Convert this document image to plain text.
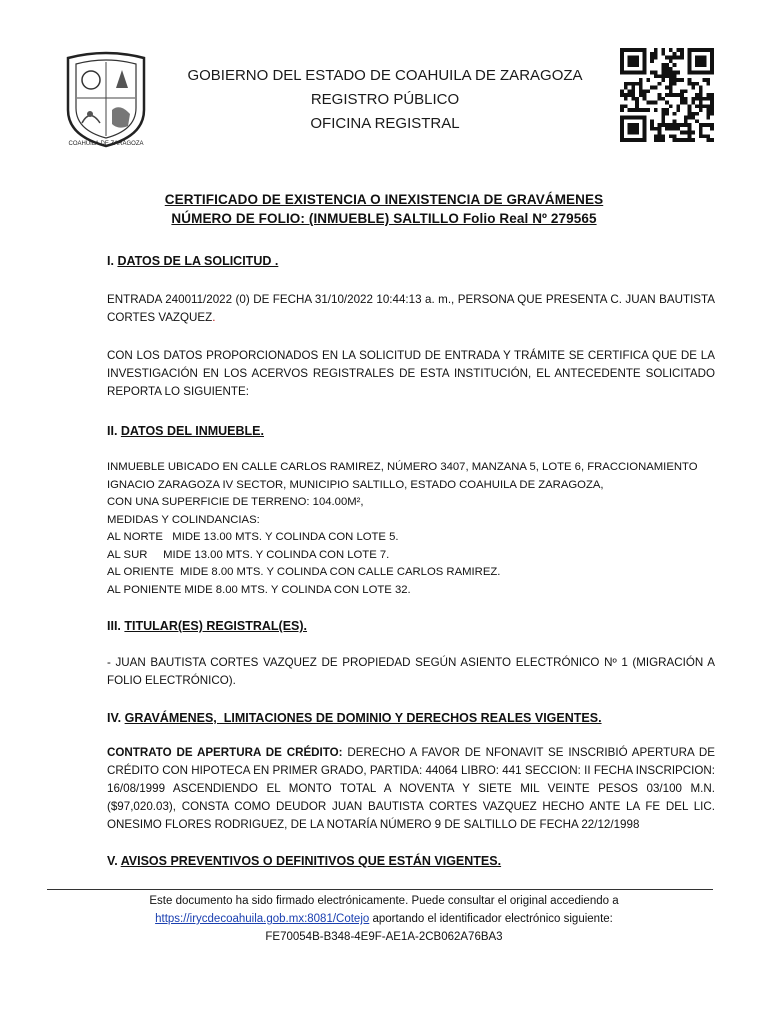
COAHUILA DE ZARAGOZA
GOBIERNO DEL ESTADO DE COAHUILA DE ZARAGOZA
REGISTRO PÚBLICO
OFICINA REGISTRAL
CERTIFICADO DE EXISTENCIA O INEXISTENCIA DE GRAVÁMENES
NÚMERO DE FOLIO: (INMUEBLE) SALTILLO Folio Real Nº 279565
I. DATOS DE LA SOLICITUD .
ENTRADA 240011/2022 (0) DE FECHA 31/10/2022 10:44:13 a. m., PERSONA QUE PRESENTA C. JUAN BAUTISTA CORTES VAZQUEZ.
CON LOS DATOS PROPORCIONADOS EN LA SOLICITUD DE ENTRADA Y TRÁMITE SE CERTIFICA QUE DE LA INVESTIGACIÓN EN LOS ACERVOS REGISTRALES DE ESTA INSTITUCIÓN, EL ANTECEDENTE SOLICITADO REPORTA LO SIGUIENTE:
II. DATOS DEL INMUEBLE.
INMUEBLE UBICADO EN CALLE CARLOS RAMIREZ, NÚMERO 3407, MANZANA 5, LOTE 6, FRACCIONAMIENTO
IGNACIO ZARAGOZA IV SECTOR, MUNICIPIO SALTILLO, ESTADO COAHUILA DE ZARAGOZA,
CON UNA SUPERFICIE DE TERRENO: 104.00M²,
MEDIDAS Y COLINDANCIAS:
AL NORTE   MIDE 13.00 MTS. Y COLINDA CON LOTE 5.
AL SUR     MIDE 13.00 MTS. Y COLINDA CON LOTE 7.
AL ORIENTE  MIDE 8.00 MTS. Y COLINDA CON CALLE CARLOS RAMIREZ.
AL PONIENTE MIDE 8.00 MTS. Y COLINDA CON LOTE 32.
III. TITULAR(ES) REGISTRAL(ES).
- JUAN BAUTISTA CORTES VAZQUEZ DE PROPIEDAD SEGÚN ASIENTO ELECTRÓNICO Nº 1 (MIGRACIÓN A FOLIO ELECTRÓNICO).
IV. GRAVÁMENES,  LIMITACIONES DE DOMINIO Y DERECHOS REALES VIGENTES.
CONTRATO DE APERTURA DE CRÉDITO: DERECHO A FAVOR DE NFONAVIT SE INSCRIBIÓ APERTURA DE CRÉDITO CON HIPOTECA EN PRIMER GRADO, PARTIDA: 44064 LIBRO: 441 SECCION: II FECHA INSCRIPCION: 16/08/1999 ASCENDIENDO EL MONTO TOTAL A NOVENTA Y SIETE MIL VEINTE PESOS 03/100 M.N. ($97,020.03), CONSTA COMO DEUDOR JUAN BAUTISTA CORTES VAZQUEZ HECHO ANTE LA FE DEL LIC. ONESIMO FLORES RODRIGUEZ, DE LA NOTARÍA NÚMERO 9 DE SALTILLO DE FECHA 22/12/1998
V. AVISOS PREVENTIVOS O DEFINITIVOS QUE ESTÁN VIGENTES.
Este documento ha sido firmado electrónicamente. Puede consultar el original accediendo a
https://irycdecoahuila.gob.mx:8081/Cotejo aportando el identificador electrónico siguiente:
FE70054B-B348-4E9F-AE1A-2CB062A76BA3
